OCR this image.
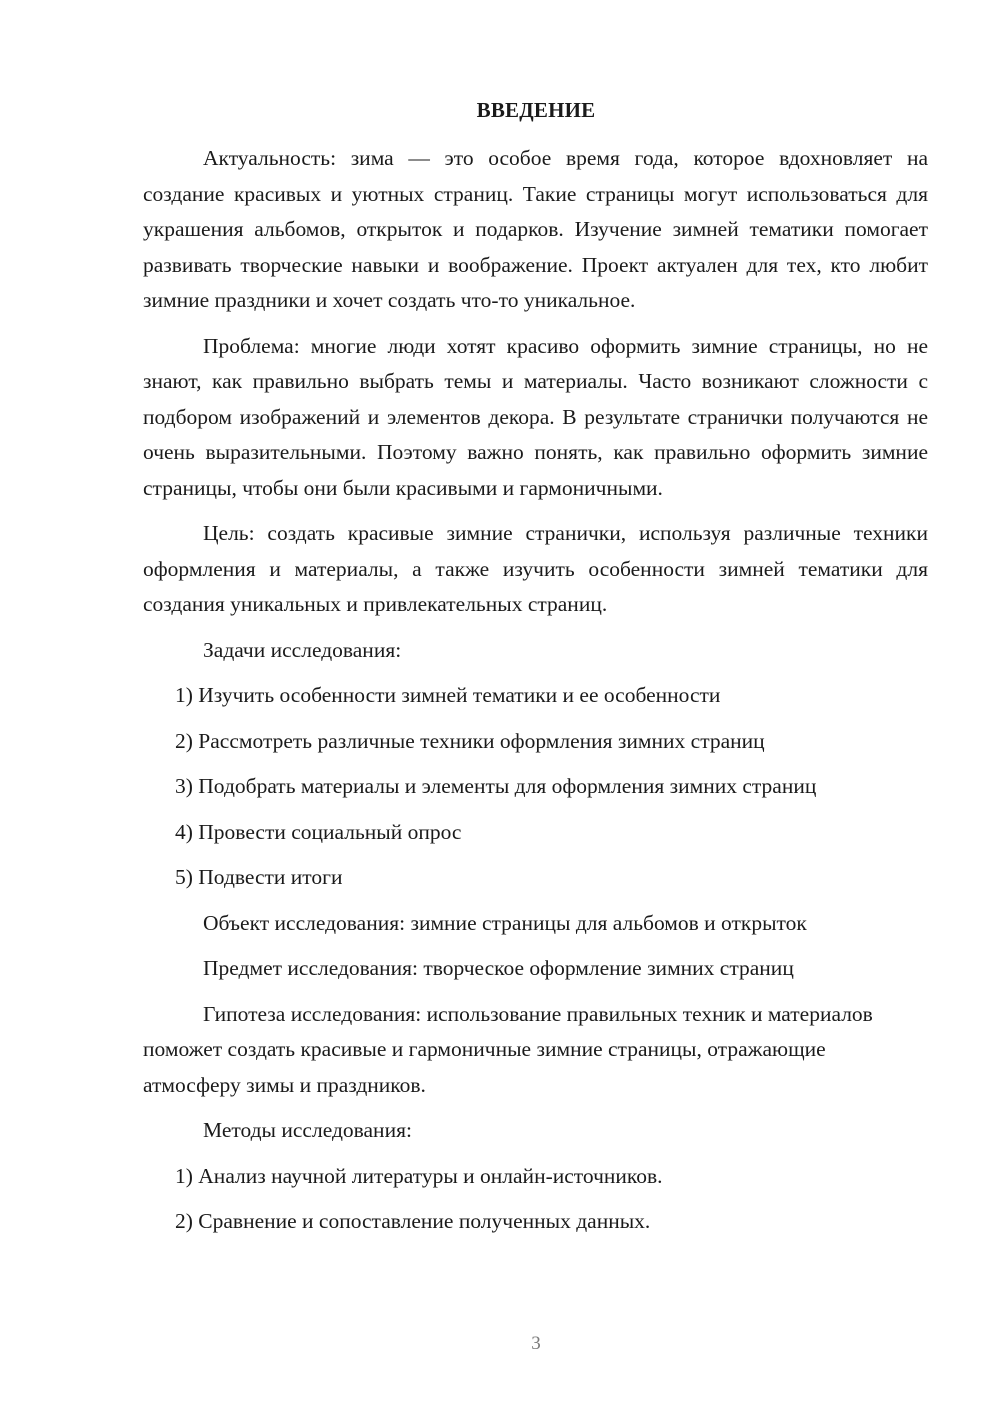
ВВЕДЕНИЕ

Актуальность: зима — это особое время года, которое вдохновляет на создание красивых и уютных страниц. Такие страницы могут использоваться для украшения альбомов, открыток и подарков. Изучение зимней тематики помогает развивать творческие навыки и воображение. Проект актуален для тех, кто любит зимние праздники и хочет создать что-то уникальное.

Проблема: многие люди хотят красиво оформить зимние страницы, но не знают, как правильно выбрать темы и материалы. Часто возникают сложности с подбором изображений и элементов декора. В результате странички получаются не очень выразительными. Поэтому важно понять, как правильно оформить зимние страницы, чтобы они были красивыми и гармоничными.

Цель: создать красивые зимние странички, используя различные техники оформления и материалы, а также изучить особенности зимней тематики для создания уникальных и привлекательных страниц.

Задачи исследования:

1) Изучить особенности зимней тематики и ее особенности

2) Рассмотреть различные техники оформления зимних страниц

3) Подобрать материалы и элементы для оформления зимних страниц

4) Провести социальный опрос

5) Подвести итоги

Объект исследования: зимние страницы для альбомов и открыток

Предмет исследования: творческое оформление зимних страниц

Гипотеза исследования: использование правильных техник и материалов поможет создать красивые и гармоничные зимние страницы, отражающие атмосферу зимы и праздников.

Методы исследования:

1) Анализ научной литературы и онлайн-источников.

2) Сравнение и сопоставление полученных данных.

3
